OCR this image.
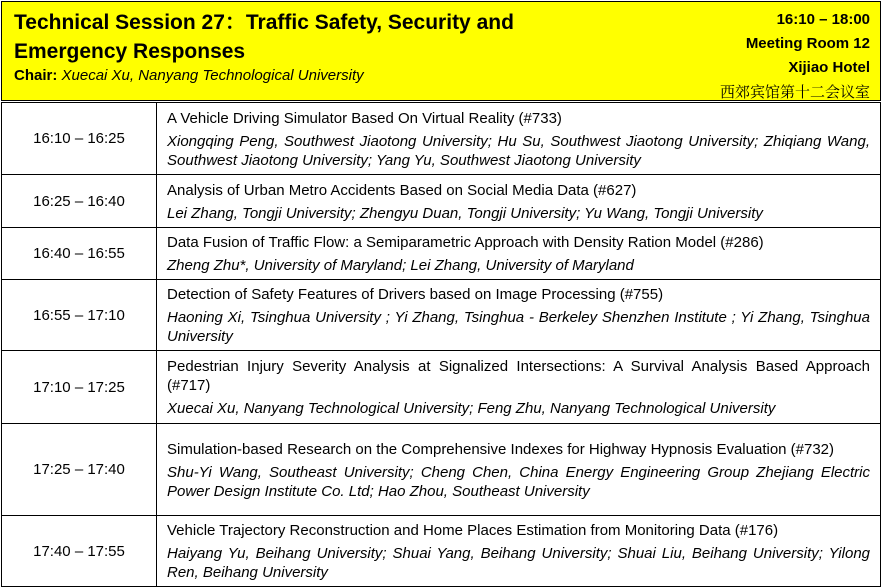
Technical Session 27：Traffic Safety, Security and Emergency Responses
Chair: Xuecai Xu, Nanyang Technological University
16:10 – 18:00
Meeting Room 12
Xijiao Hotel
西郊宾馆第十二会议室
16:10 – 16:25	A Vehicle Driving Simulator Based On Virtual Reality (#733)
Xiongqing Peng, Southwest Jiaotong University; Hu Su, Southwest Jiaotong University; Zhiqiang Wang, Southwest Jiaotong University; Yang Yu, Southwest Jiaotong University

16:25 – 16:40	Analysis of Urban Metro Accidents Based on Social Media Data (#627)
Lei Zhang, Tongji University; Zhengyu Duan, Tongji University; Yu Wang, Tongji University

16:40 – 16:55	Data Fusion of Traffic Flow: a Semiparametric Approach with Density Ration Model (#286)
Zheng Zhu*, University of Maryland; Lei Zhang, University of Maryland

16:55 – 17:10	Detection of Safety Features of Drivers based on Image Processing (#755)
Haoning Xi, Tsinghua University ; Yi Zhang, Tsinghua - Berkeley Shenzhen Institute ; Yi Zhang, Tsinghua University

17:10 – 17:25	Pedestrian Injury Severity Analysis at Signalized Intersections: A Survival Analysis Based Approach (#717)
Xuecai Xu, Nanyang Technological University; Feng Zhu, Nanyang Technological University

17:25 – 17:40	Simulation-based Research on the Comprehensive Indexes for Highway Hypnosis Evaluation (#732)
Shu-Yi Wang, Southeast University; Cheng Chen, China Energy Engineering Group Zhejiang Electric Power Design Institute Co. Ltd; Hao Zhou, Southeast University

17:40 – 17:55	Vehicle Trajectory Reconstruction and Home Places Estimation from Monitoring Data (#176)
Haiyang Yu, Beihang University; Shuai Yang, Beihang University; Shuai Liu, Beihang University; Yilong Ren, Beihang University
